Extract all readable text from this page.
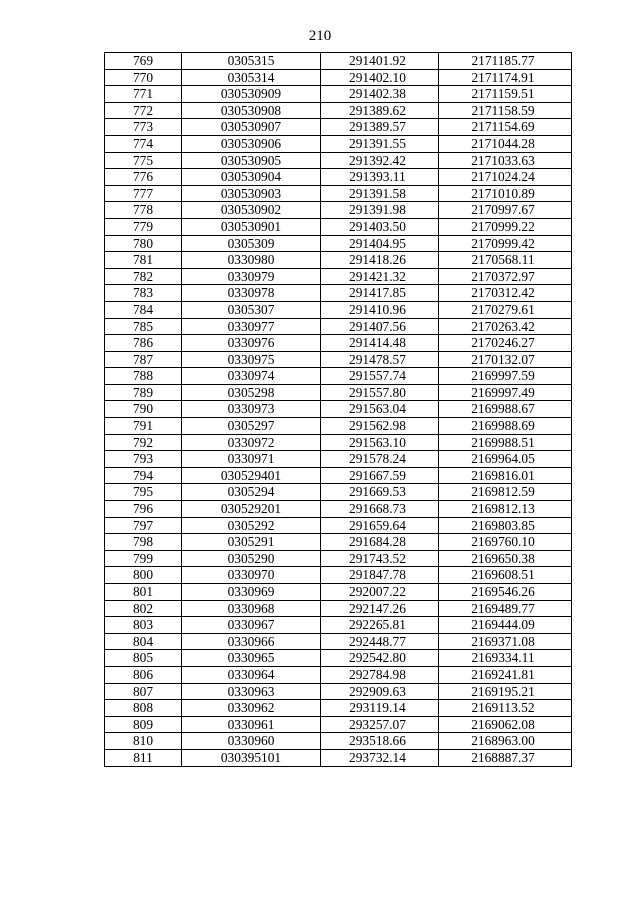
210
769	0305315	291401.92	2171185.77
770	0305314	291402.10	2171174.91
771	030530909	291402.38	2171159.51
772	030530908	291389.62	2171158.59
773	030530907	291389.57	2171154.69
774	030530906	291391.55	2171044.28
775	030530905	291392.42	2171033.63
776	030530904	291393.11	2171024.24
777	030530903	291391.58	2171010.89
778	030530902	291391.98	2170997.67
779	030530901	291403.50	2170999.22
780	0305309	291404.95	2170999.42
781	0330980	291418.26	2170568.11
782	0330979	291421.32	2170372.97
783	0330978	291417.85	2170312.42
784	0305307	291410.96	2170279.61
785	0330977	291407.56	2170263.42
786	0330976	291414.48	2170246.27
787	0330975	291478.57	2170132.07
788	0330974	291557.74	2169997.59
789	0305298	291557.80	2169997.49
790	0330973	291563.04	2169988.67
791	0305297	291562.98	2169988.69
792	0330972	291563.10	2169988.51
793	0330971	291578.24	2169964.05
794	030529401	291667.59	2169816.01
795	0305294	291669.53	2169812.59
796	030529201	291668.73	2169812.13
797	0305292	291659.64	2169803.85
798	0305291	291684.28	2169760.10
799	0305290	291743.52	2169650.38
800	0330970	291847.78	2169608.51
801	0330969	292007.22	2169546.26
802	0330968	292147.26	2169489.77
803	0330967	292265.81	2169444.09
804	0330966	292448.77	2169371.08
805	0330965	292542.80	2169334.11
806	0330964	292784.98	2169241.81
807	0330963	292909.63	2169195.21
808	0330962	293119.14	2169113.52
809	0330961	293257.07	2169062.08
810	0330960	293518.66	2168963.00
811	030395101	293732.14	2168887.37
